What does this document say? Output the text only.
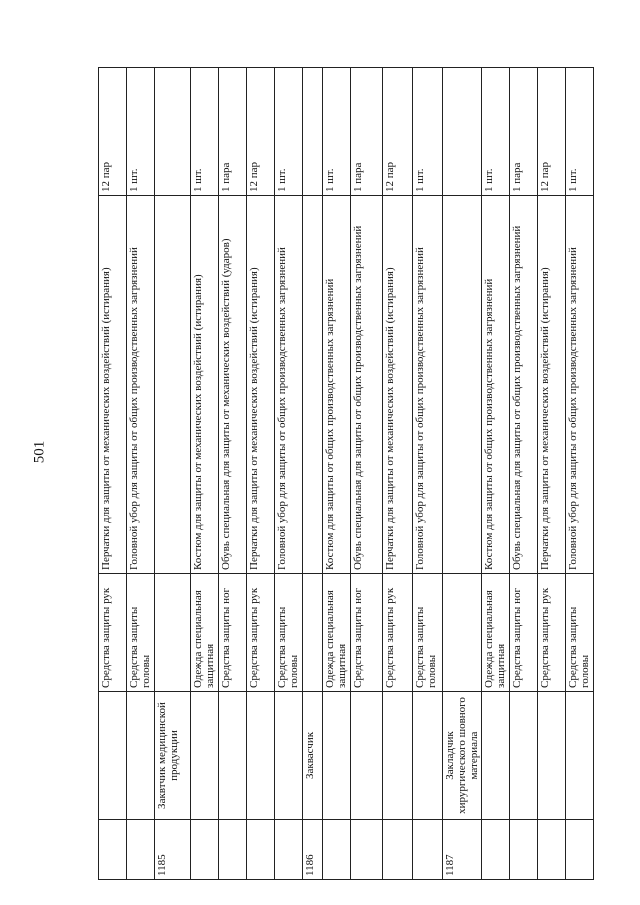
501
		Средства защиты рук	Перчатки для защиты от механических воздействий (истирания)	12 пар
		Средства защиты головы	Головной убор для защиты от общих производственных загрязнений	1 шт.
1185	Заквтчик медицинской продукции			
		Одежда специальная защитная	Костюм для защиты от механических воздействий (истирания)	1 шт.
		Средства защиты ног	Обувь специальная для защиты от механических воздействий (ударов)	1 пара
		Средства защиты рук	Перчатки для защиты от механических воздействий (истирания)	12 пар
		Средства защиты головы	Головной убор для защиты от общих производственных загрязнений	1 шт.
1186	Заквасчик			
		Одежда специальная защитная	Костюм для защиты от общих производственных загрязнений	1 шт.
		Средства защиты ног	Обувь специальная для защиты от общих производственных загрязнений	1 пара
		Средства защиты рук	Перчатки для защиты от механических воздействий (истирания)	12 пар
		Средства защиты головы	Головной убор для защиты от общих производственных загрязнений	1 шт.
1187	Закладчик хирургического шовного материала			
		Одежда специальная защитная	Костюм для защиты от общих производственных загрязнений	1 шт.
		Средства защиты ног	Обувь специальная для защиты от общих производственных загрязнений	1 пара
		Средства защиты рук	Перчатки для защиты от механических воздействий (истирания)	12 пар
		Средства защиты головы	Головной убор для защиты от общих производственных загрязнений	1 шт.
